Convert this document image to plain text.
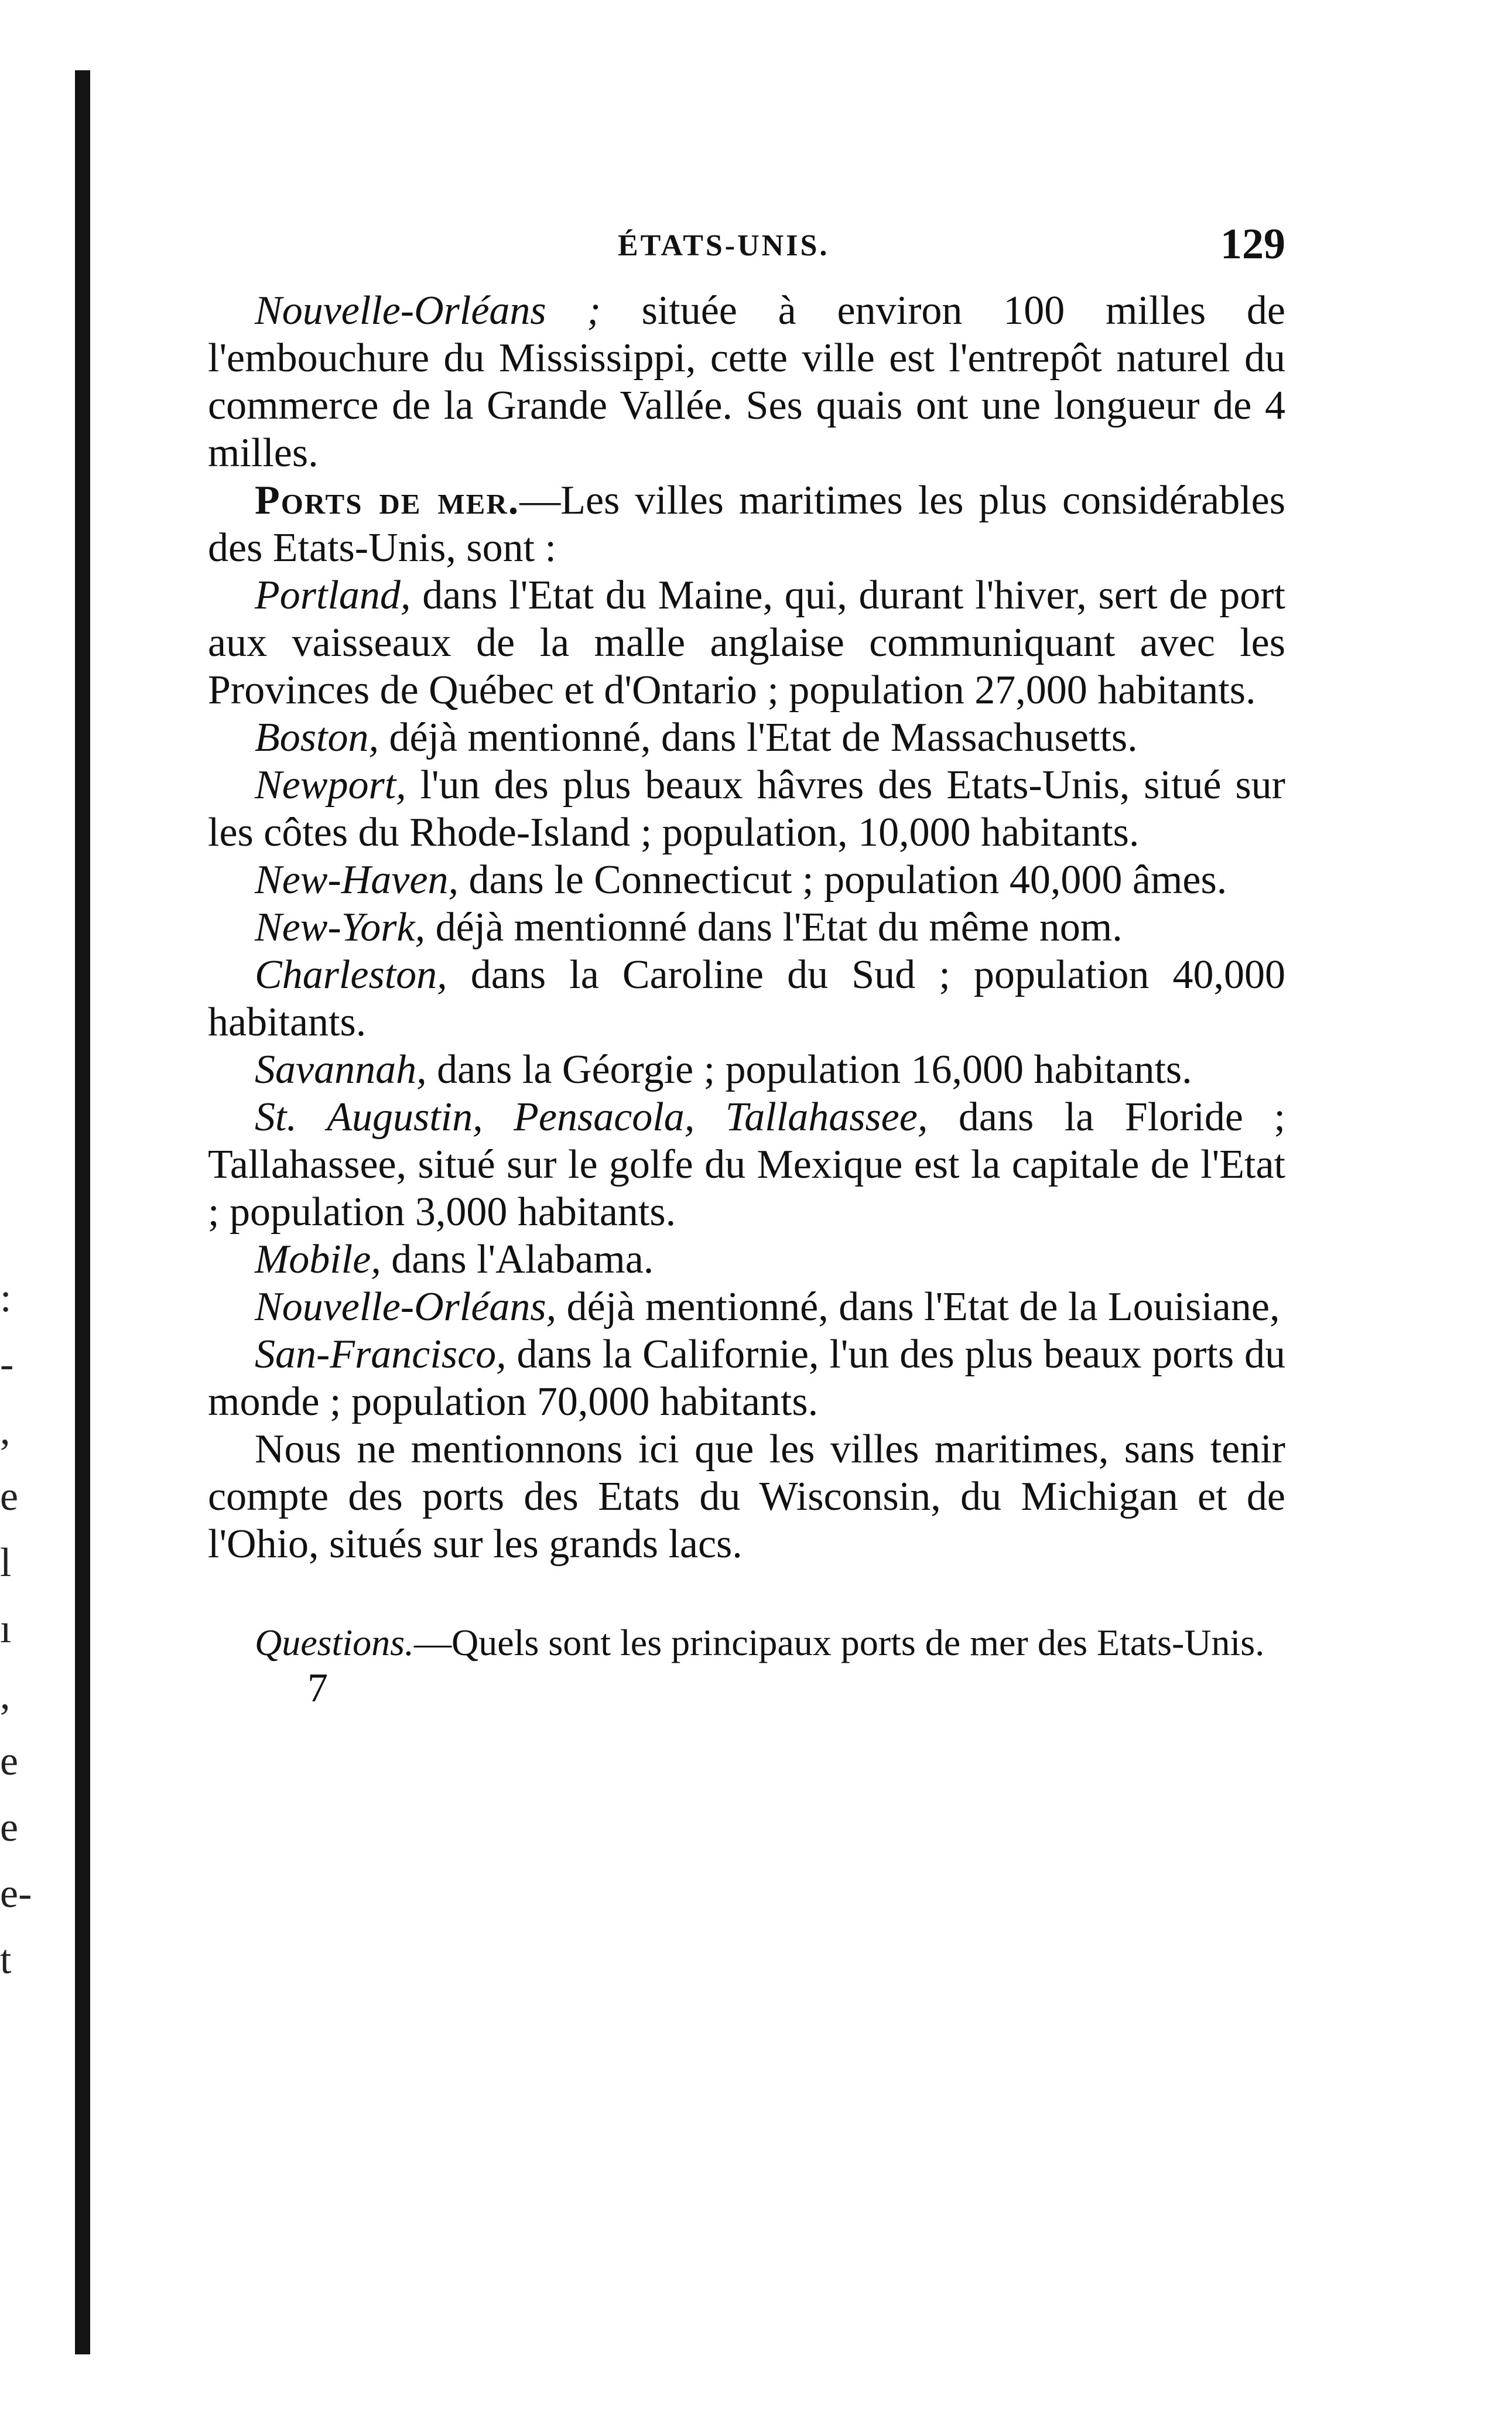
:
-
,
e
l
ı
,
e
e
e-
t
ÉTATS-UNIS.	129

Nouvelle-Orléans ; située à environ 100 milles de l'embouchure du Mississippi, cette ville est l'entrepôt naturel du commerce de la Grande Vallée. Ses quais ont une longueur de 4 milles.

Ports de mer.—Les villes maritimes les plus considérables des Etats-Unis, sont :

Portland, dans l'Etat du Maine, qui, durant l'hiver, sert de port aux vaisseaux de la malle anglaise communiquant avec les Provinces de Québec et d'Ontario ; population 27,000 habitants.

Boston, déjà mentionné, dans l'Etat de Massachusetts.

Newport, l'un des plus beaux hâvres des Etats-Unis, situé sur les côtes du Rhode-Island ; population, 10,000 habitants.

New-Haven, dans le Connecticut ; population 40,000 âmes.

New-York, déjà mentionné dans l'Etat du même nom.

Charleston, dans la Caroline du Sud ; population 40,000 habitants.

Savannah, dans la Géorgie ; population 16,000 habitants.

St. Augustin, Pensacola, Tallahassee, dans la Floride ; Tallahassee, situé sur le golfe du Mexique est la capitale de l'Etat ; population 3,000 habitants.

Mobile, dans l'Alabama.

Nouvelle-Orléans, déjà mentionné, dans l'Etat de la Louisiane,

San-Francisco, dans la Californie, l'un des plus beaux ports du monde ; population 70,000 habitants.

Nous ne mentionnons ici que les villes maritimes, sans tenir compte des ports des Etats du Wisconsin, du Michigan et de l'Ohio, situés sur les grands lacs.

Questions.—Quels sont les principaux ports de mer des Etats-Unis.

7
